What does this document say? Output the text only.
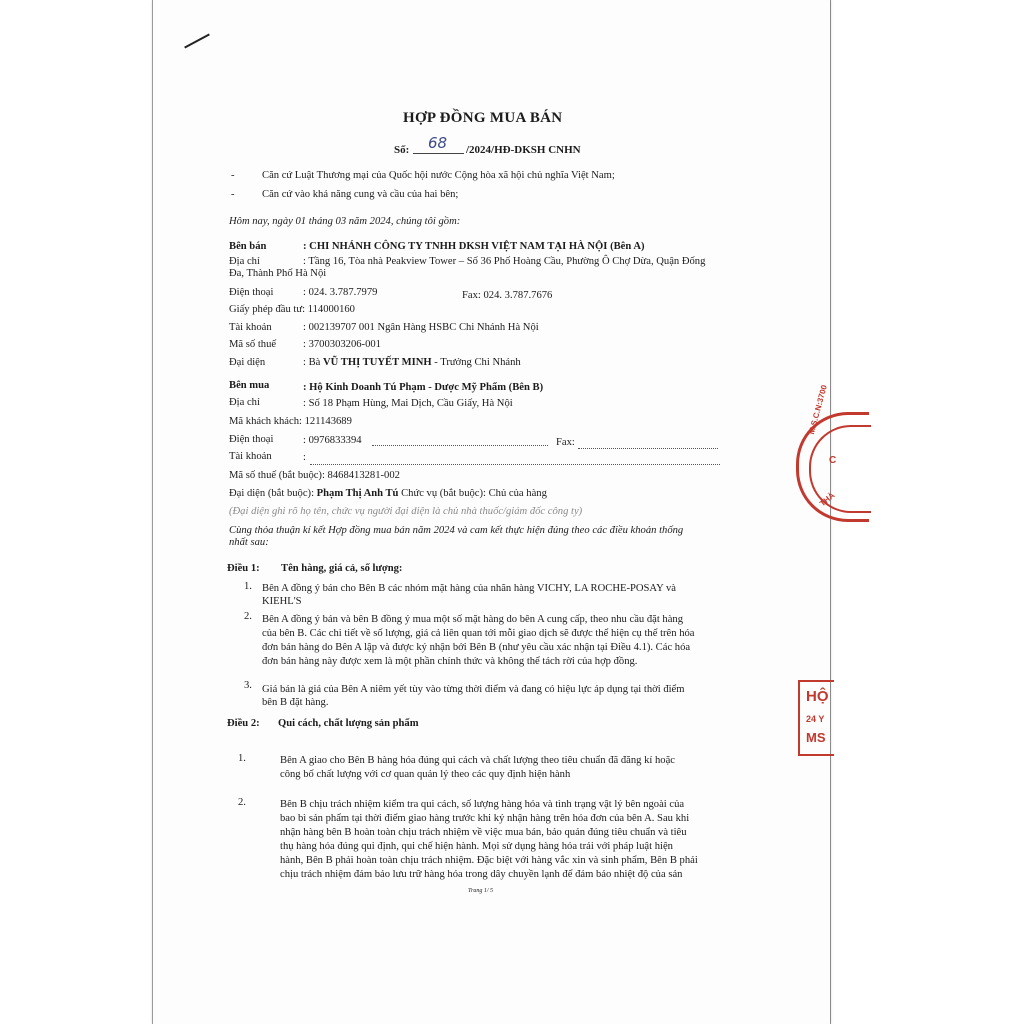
HỢP ĐỒNG MUA BÁN
Số: 68 /2024/HĐ-DKSH CNHN
-	Căn cứ Luật Thương mại của Quốc hội nước Cộng hòa xã hội chủ nghĩa Việt Nam;
-	Căn cứ vào khả năng cung và cầu của hai bên;
Hôm nay, ngày 01 tháng 03 năm 2024, chúng tôi gồm:
Bên bán	: CHI NHÁNH CÔNG TY TNHH DKSH VIỆT NAM TẠI HÀ NỘI (Bên A)
Địa chỉ	: Tầng 16, Tòa nhà Peakview Tower – Số 36 Phố Hoàng Cầu, Phường Ô Chợ Dừa, Quận Đống
Đa, Thành Phố Hà Nội
Điện thoại	: 024. 3.787.7979	Fax: 024. 3.787.7676
Giấy phép đầu tư: 114000160
Tài khoản	: 002139707 001 Ngân Hàng HSBC Chi Nhánh Hà Nội
Mã số thuế	: 3700303206-001
Đại diện	: Bà VŨ THỊ TUYẾT MINH - Trưởng Chi Nhánh
Bên mua	: Hộ Kinh Doanh Tú Phạm - Dược Mỹ Phẩm (Bên B)
Địa chỉ	: Số 18 Phạm Hùng, Mai Dịch, Cầu Giấy, Hà Nội
Mã khách khách: 121143689
Điện thoại	: 0976833394	Fax:
Tài khoản	:
Mã số thuế (bắt buộc): 8468413281-002
Đại diện (bắt buộc): Phạm Thị Anh Tú Chức vụ (bắt buộc): Chủ của hàng
(Đại diện ghi rõ họ tên, chức vụ người đại diện là chủ nhà thuốc/giám đốc công ty)
Cùng thỏa thuận kí kết Hợp đồng mua bán năm 2024 và cam kết thực hiện đúng theo các điều khoản thống
nhất sau:
Điều 1: Tên hàng, giá cả, số lượng:
1. Bên A đồng ý bán cho Bên B các nhóm mặt hàng của nhãn hàng VICHY, LA ROCHE-POSAY và
KIEHL'S
2. Bên A đồng ý bán và bên B đồng ý mua một số mặt hàng do bên A cung cấp, theo nhu cầu đặt hàng
của bên B. Các chi tiết về số lượng, giá cả liên quan tới mỗi giao dịch sẽ được thể hiện cụ thể trên hóa
đơn bán hàng do Bên A lập và được ký nhận bởi Bên B (như yêu cầu xác nhận tại Điều 4.1). Các hóa
đơn bán hàng này được xem là một phần chính thức và không thể tách rời của hợp đồng.
3. Giá bán là giá của Bên A niêm yết tùy vào từng thời điểm và đang có hiệu lực áp dụng tại thời điểm
bên B đặt hàng.
Điều 2: Qui cách, chất lượng sản phẩm
1.	Bên A giao cho Bên B hàng hóa đúng qui cách và chất lượng theo tiêu chuẩn đã đăng kí hoặc
công bố chất lượng với cơ quan quản lý theo các quy định hiện hành
2.	Bên B chịu trách nhiệm kiểm tra qui cách, số lượng hàng hóa và tình trạng vật lý bên ngoài của
bao bì sản phẩm tại thời điểm giao hàng trước khi ký nhận hàng trên hóa đơn của bên A. Sau khi
nhận hàng bên B hoàn toàn chịu trách nhiệm về việc mua bán, bảo quản đúng tiêu chuẩn và tiêu
thụ hàng hóa đúng qui định, qui chế hiện hành. Mọi sử dụng hàng hóa trái với pháp luật hiện
hành, Bên B phải hoàn toàn chịu trách nhiệm. Đặc biệt với hàng vắc xin và sinh phẩm, Bên B phải
chịu trách nhiệm đảm bảo lưu trữ hàng hóa trong dây chuyền lạnh để đảm bảo nhiệt độ của sản
Trang 1/ 5
M.S.C.N:3700
C
THÀ
HỘ
24 Y
MS
